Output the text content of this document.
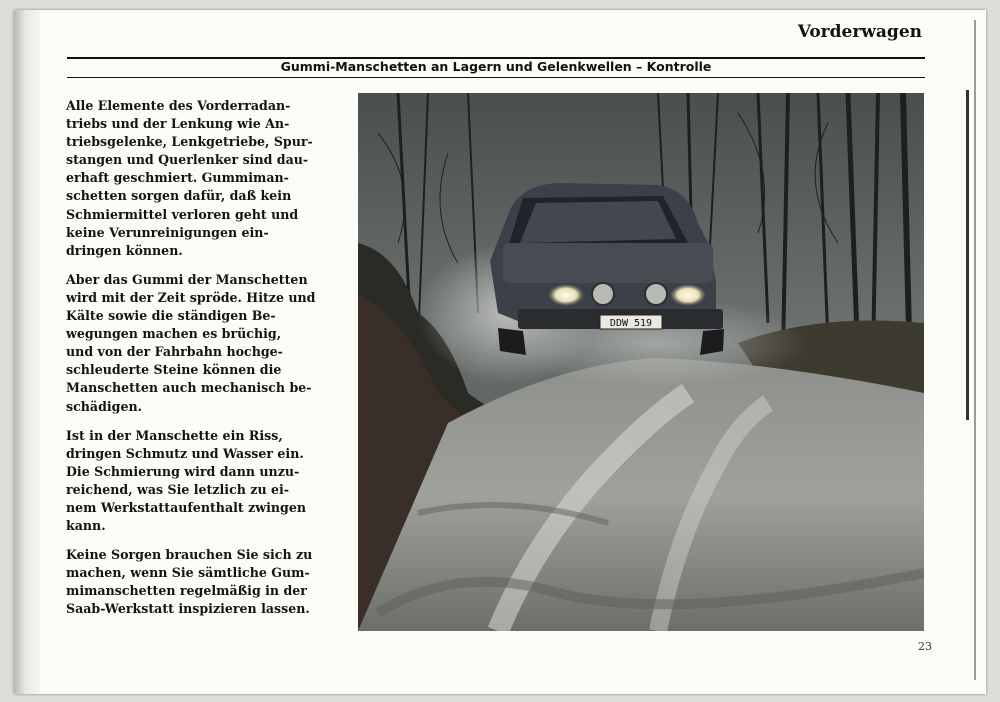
Vorderwagen
Gummi-Manschetten an Lagern und Gelenkwellen – Kontrolle

Alle Elemente des Vorderradan-
triebs und der Lenkung wie An-
triebsgelenke, Lenkgetriebe, Spur-
stangen und Querlenker sind dau-
erhaft geschmiert. Gummiman-
schetten sorgen dafür, daß kein
Schmiermittel verloren geht und
keine Verunreinigungen ein-
dringen können.

Aber das Gummi der Manschetten
wird mit der Zeit spröde. Hitze und
Kälte sowie die ständigen Be-
wegungen machen es brüchig,
und von der Fahrbahn hochge-
schleuderte Steine können die
Manschetten auch mechanisch be-
schädigen.

Ist in der Manschette ein Riss,
dringen Schmutz und Wasser ein.
Die Schmierung wird dann unzu-
reichend, was Sie letzlich zu ei-
nem Werkstattaufenthalt zwingen
kann.

Keine Sorgen brauchen Sie sich zu
machen, wenn Sie sämtliche Gum-
mimanschetten regelmäßig in der
Saab-Werkstatt inspizieren lassen.

DDW 519
23
